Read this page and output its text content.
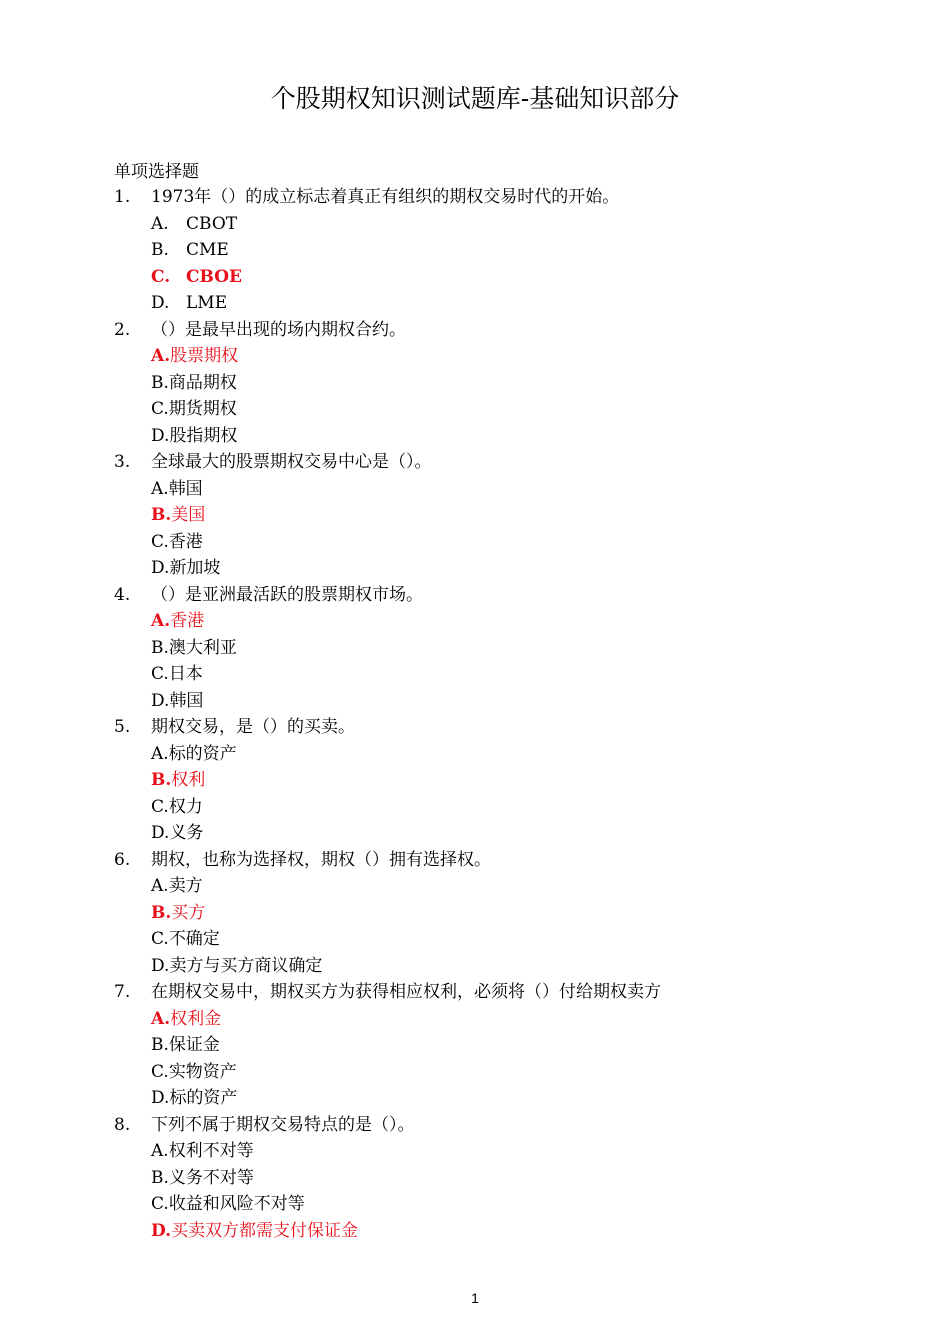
个股期权知识测试题库-基础知识部分
单项选择题
1. 1973年（）的成立标志着真正有组织的期权交易时代的开始。
A. CBOT
B. CME
C. CBOE
D. LME
2. （）是最早出现的场内期权合约。
A.股票期权
B.商品期权
C.期货期权
D.股指期权
3. 全球最大的股票期权交易中心是（）。
A.韩国
B.美国
C.香港
D.新加坡
4. （）是亚洲最活跃的股票期权市场。
A.香港
B.澳大利亚
C.日本
D.韩国
5. 期权交易，是（）的买卖。
A.标的资产
B.权利
C.权力
D.义务
6. 期权，也称为选择权，期权（）拥有选择权。
A.卖方
B.买方
C.不确定
D.卖方与买方商议确定
7. 在期权交易中，期权买方为获得相应权利，必须将（）付给期权卖方
A.权利金
B.保证金
C.实物资产
D.标的资产
8. 下列不属于期权交易特点的是（）。
A.权利不对等
B.义务不对等
C.收益和风险不对等
D.买卖双方都需支付保证金
1
